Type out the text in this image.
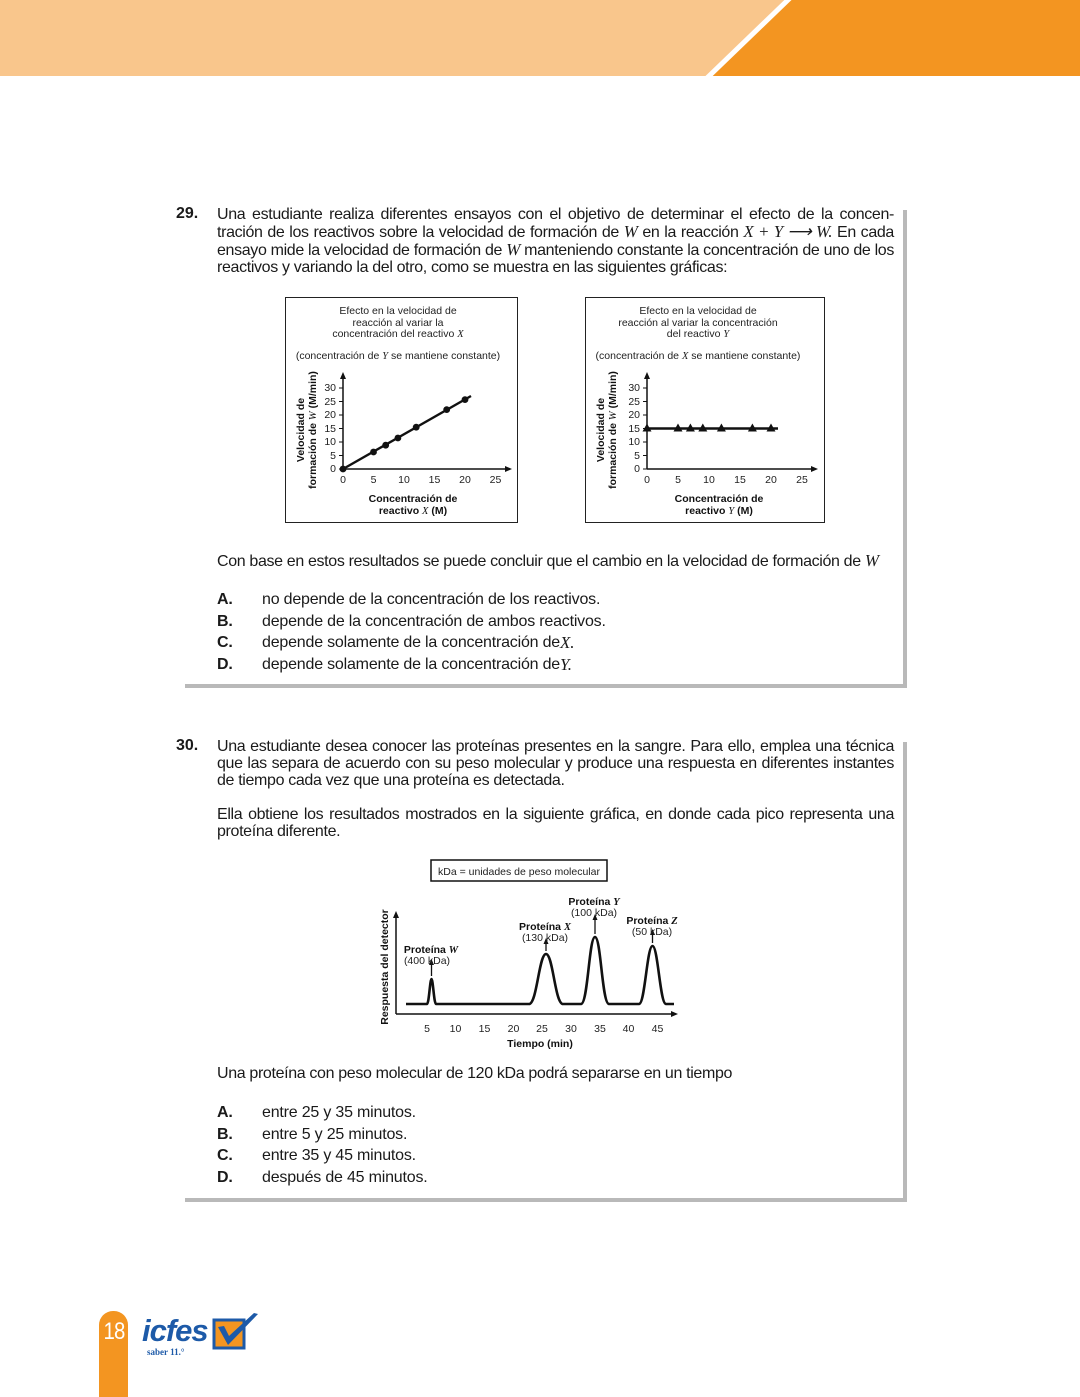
29. Una estudiante realiza diferentes ensayos con el objetivo de determinar el efecto de la concen-tración de los reactivos sobre la velocidad de formación de W en la reacción X + Y ⟶ W. En cada ensayo mide la velocidad de formación de W manteniendo constante la concentración de uno de los reactivos y variando la del otro, como se muestra en las siguientes gráficas:
Efecto en la velocidad de
reacción al variar la
concentración del reactivo X
(concentración de Y se mantiene constante)
Velocidad de formación de W (M/min)
0
5
10
15
20
25
30
0 5 10 15 20 25
Concentración de
reactivo X (M)
Efecto en la velocidad de
reacción al variar la concentración
del reactivo Y
(concentración de X se mantiene constante)
Velocidad de formación de W (M/min)
0
5
10
15
20
25
30
0 5 10 15 20 25
Concentración de
reactivo Y (M)
Con base en estos resultados se puede concluir que el cambio en la velocidad de formación de W
A.	no depende de la concentración de los reactivos.
B.	depende de la concentración de ambos reactivos.
C.	depende solamente de la concentración de X.
D.	depende solamente de la concentración de Y.
30. Una estudiante desea conocer las proteínas presentes en la sangre. Para ello, emplea una técnica que las separa de acuerdo con su peso molecular y produce una respuesta en diferentes instantes de tiempo cada vez que una proteína es detectada.
Ella obtiene los resultados mostrados en la siguiente gráfica, en donde cada pico representa una proteína diferente.
kDa = unidades de peso molecular
Respuesta del detector
5 10 15 20 25 30 35 40 45
Tiempo (min)
Proteína W
(400 kDa)
Proteína X
(130 kDa)
Proteína Y
(100 kDa)
Proteína Z
(50 kDa)
Una proteína con peso molecular de 120 kDa podrá separarse en un tiempo
A.	entre 25 y 35 minutos.
B.	entre 5 y 25 minutos.
C.	entre 35 y 45 minutos.
D.	después de 45 minutos.
18 icfes
saber 11.°
